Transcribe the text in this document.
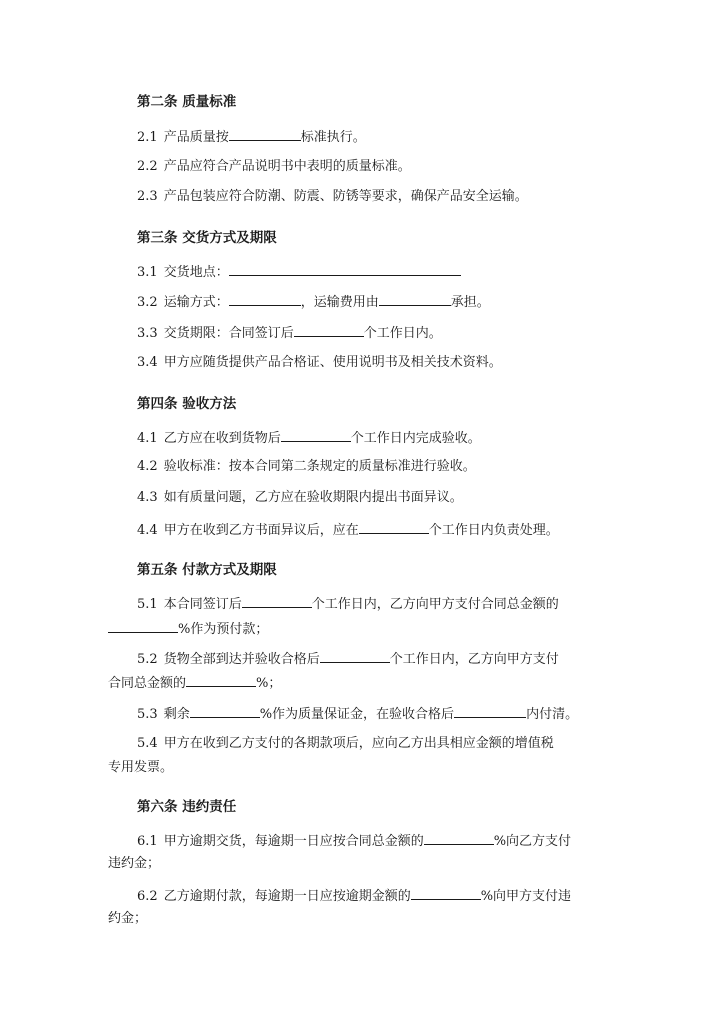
第二条 质量标准
2.1 产品质量按	标准执行。
2.2 产品应符合产品说明书中表明的质量标准。
2.3 产品包装应符合防潮、防震、防锈等要求，确保产品安全运输。
第三条 交货方式及期限
3.1 交货地点：
3.2 运输方式：	，运输费用由	承担。
3.3 交货期限：合同签订后	个工作日内。
3.4 甲方应随货提供产品合格证、使用说明书及相关技术资料。
第四条 验收方法
4.1 乙方应在收到货物后	个工作日内完成验收。
4.2 验收标准：按本合同第二条规定的质量标准进行验收。
4.3 如有质量问题，乙方应在验收期限内提出书面异议。
4.4 甲方在收到乙方书面异议后，应在	个工作日内负责处理。
第五条 付款方式及期限
5.1 本合同签订后	个工作日内，乙方向甲方支付合同总金额的
%作为预付款；
5.2 货物全部到达并验收合格后	个工作日内，乙方向甲方支付
合同总金额的	%；
5.3 剩余	%作为质量保证金，在验收合格后	内付清。
5.4 甲方在收到乙方支付的各期款项后，应向乙方出具相应金额的增值税
专用发票。
第六条 违约责任
6.1 甲方逾期交货，每逾期一日应按合同总金额的	%向乙方支付
违约金；
6.2 乙方逾期付款，每逾期一日应按逾期金额的	%向甲方支付违
约金；
